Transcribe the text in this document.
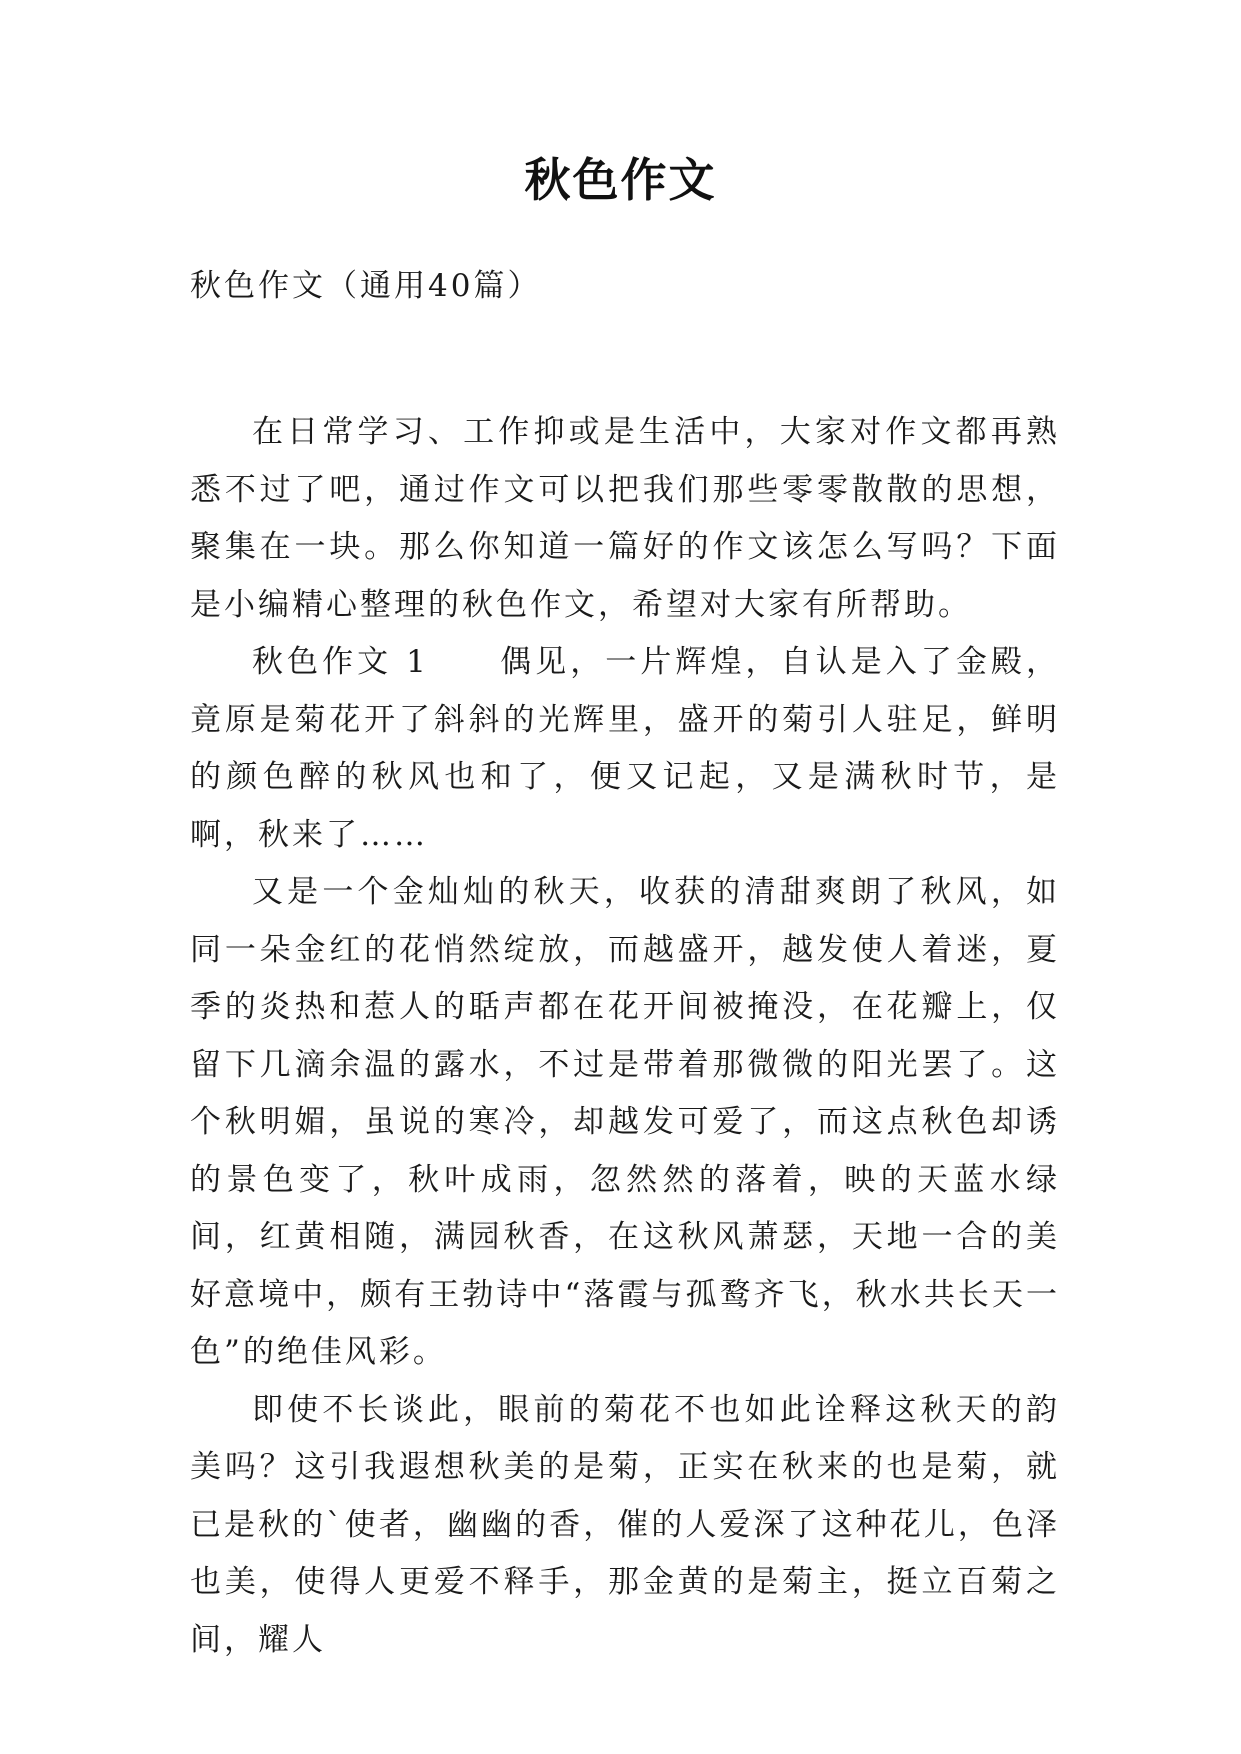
秋色作文
秋色作文（通用40篇）

在日常学习、工作抑或是生活中，大家对作文都再熟悉不过了吧，通过作文可以把我们那些零零散散的思想，聚集在一块。那么你知道一篇好的作文该怎么写吗？下面是小编精心整理的秋色作文，希望对大家有所帮助。

秋色作文 1　　偶见，一片辉煌，自认是入了金殿，竟原是菊花开了斜斜的光辉里，盛开的菊引人驻足，鲜明的颜色醉的秋风也和了，便又记起，又是满秋时节，是啊，秋来了……

又是一个金灿灿的秋天，收获的清甜爽朗了秋风，如同一朵金红的花悄然绽放，而越盛开，越发使人着迷，夏季的炎热和惹人的聒声都在花开间被掩没，在花瓣上，仅留下几滴余温的露水，不过是带着那微微的阳光罢了。这个秋明媚，虽说的寒冷，却越发可爱了，而这点秋色却诱的景色变了，秋叶成雨，忽然然的落着，映的天蓝水绿间，红黄相随，满园秋香，在这秋风萧瑟，天地一合的美好意境中，颇有王勃诗中“落霞与孤鹜齐飞，秋水共长天一色”的绝佳风彩。

即使不长谈此，眼前的菊花不也如此诠释这秋天的韵美吗？这引我遐想秋美的是菊，正实在秋来的也是菊，就已是秋的`使者，幽幽的香，催的人爱深了这种花儿，色泽也美，使得人更爱不释手，那金黄的是菊主，挺立百菊之间，耀人
